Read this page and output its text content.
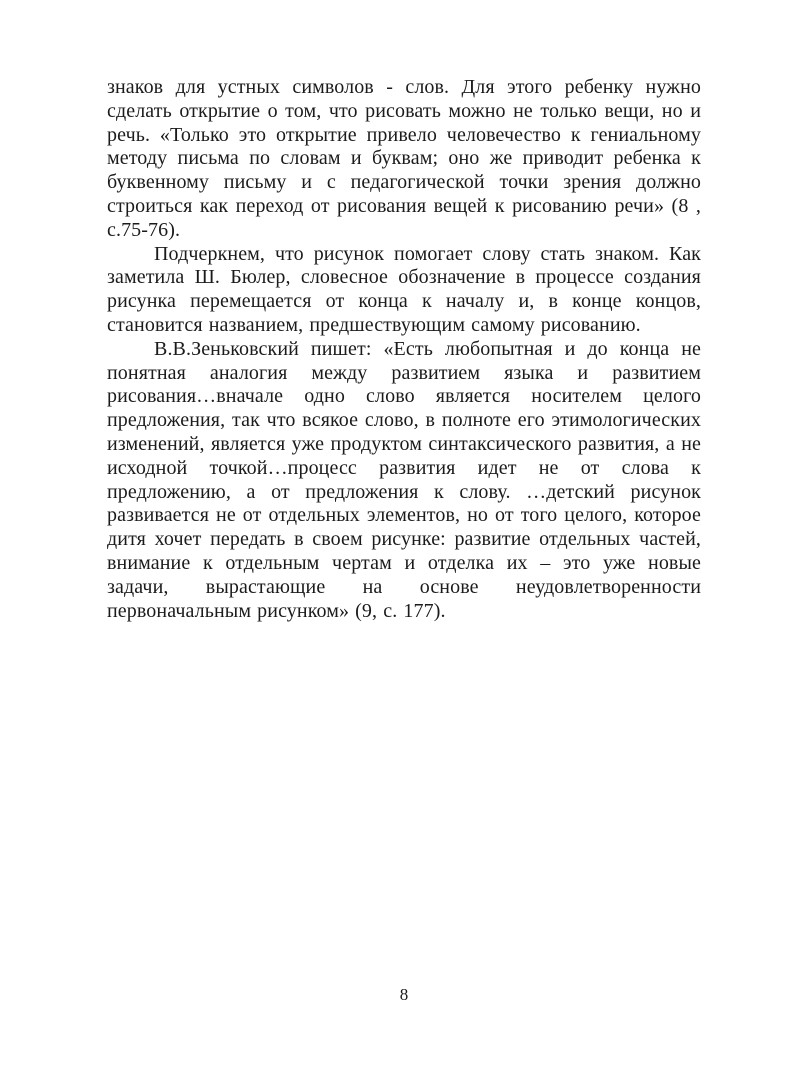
знаков для устных символов - слов. Для этого ребенку нужно сделать открытие о том, что рисовать можно не только вещи, но и речь. «Только это открытие привело человечество к гениальному методу письма по словам и буквам; оно же приводит ребенка к буквенному письму и с педагогической точки зрения должно строиться как переход от рисования вещей к рисованию речи» (8 , с.75-76).

Подчеркнем, что рисунок помогает слову стать знаком. Как заметила Ш. Бюлер, словесное обозначение в процессе создания рисунка перемещается от конца к началу и, в конце концов, становится названием, предшествующим самому рисованию.

В.В.Зеньковский пишет: «Есть любопытная и до конца не понятная аналогия между развитием языка и развитием рисования…вначале одно слово является носителем целого предложения, так что всякое слово, в полноте его этимологических изменений, является уже продуктом синтаксического развития, а не исходной точкой…процесс развития идет не от слова к предложению, а от предложения к слову. …детский рисунок развивается не от отдельных элементов, но от того целого, которое дитя хочет передать в своем рисунке: развитие отдельных частей, внимание к отдельным чертам и отделка их – это уже новые задачи, вырастающие на основе неудовлетворенности первоначальным рисунком» (9, с. 177).

8
